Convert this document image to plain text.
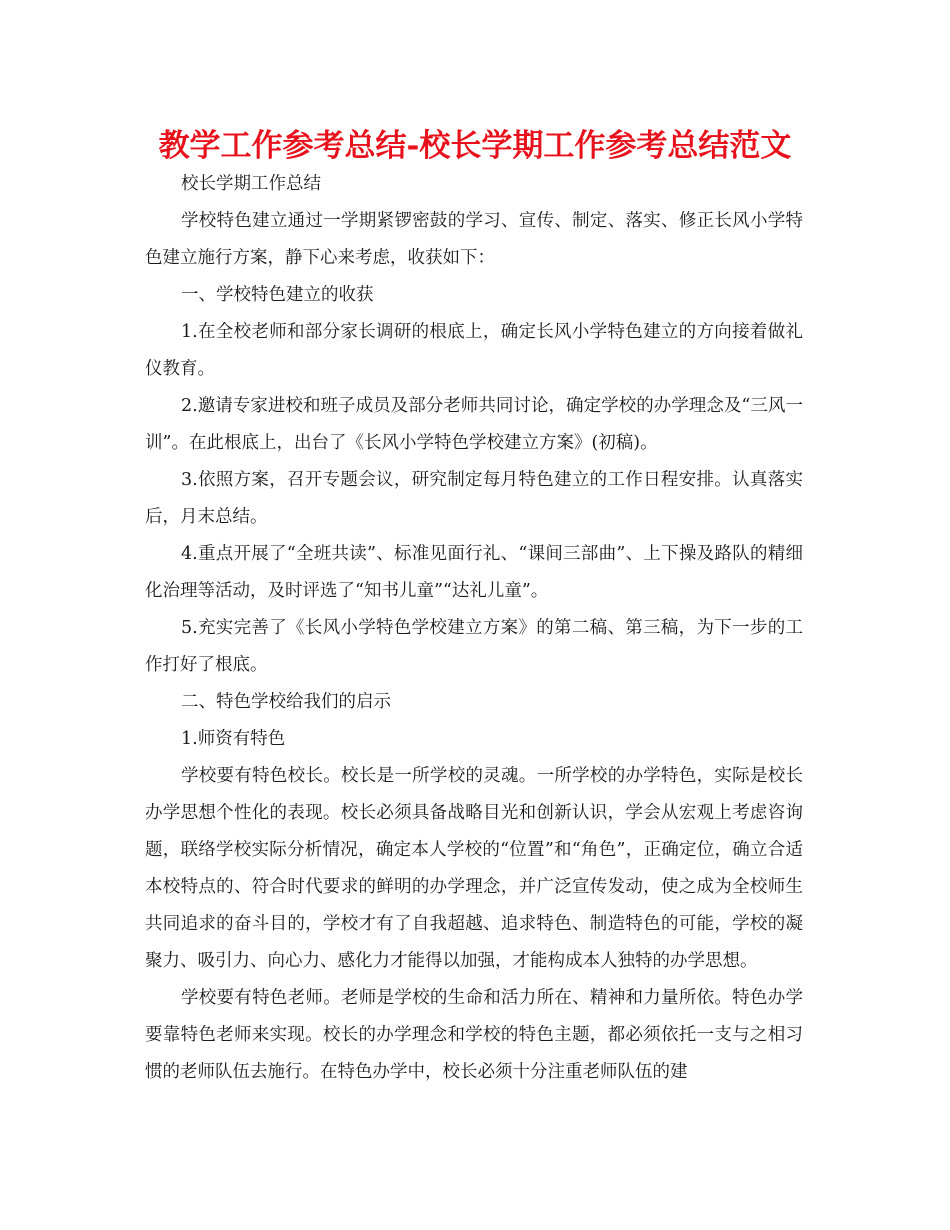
教学工作参考总结-校长学期工作参考总结范文

校长学期工作总结

学校特色建立通过一学期紧锣密鼓的学习、宣传、制定、落实、修正长风小学特色建立施行方案，静下心来考虑，收获如下：

一、学校特色建立的收获

1.在全校老师和部分家长调研的根底上，确定长风小学特色建立的方向接着做礼仪教育。

2.邀请专家进校和班子成员及部分老师共同讨论，确定学校的办学理念及“三风一训”。在此根底上，出台了《长风小学特色学校建立方案》(初稿)。

3.依照方案，召开专题会议，研究制定每月特色建立的工作日程安排。认真落实后，月末总结。

4.重点开展了“全班共读”、标准见面行礼、“课间三部曲”、上下操及路队的精细化治理等活动，及时评选了“知书儿童”“达礼儿童”。

5.充实完善了《长风小学特色学校建立方案》的第二稿、第三稿，为下一步的工作打好了根底。

二、特色学校给我们的启示

1.师资有特色

学校要有特色校长。校长是一所学校的灵魂。一所学校的办学特色，实际是校长办学思想个性化的表现。校长必须具备战略目光和创新认识，学会从宏观上考虑咨询题，联络学校实际分析情况，确定本人学校的“位置”和“角色”，正确定位，确立合适本校特点的、符合时代要求的鲜明的办学理念，并广泛宣传发动，使之成为全校师生共同追求的奋斗目的，学校才有了自我超越、追求特色、制造特色的可能，学校的凝聚力、吸引力、向心力、感化力才能得以加强，才能构成本人独特的办学思想。

学校要有特色老师。老师是学校的生命和活力所在、精神和力量所依。特色办学要靠特色老师来实现。校长的办学理念和学校的特色主题，都必须依托一支与之相习惯的老师队伍去施行。在特色办学中，校长必须十分注重老师队伍的建
